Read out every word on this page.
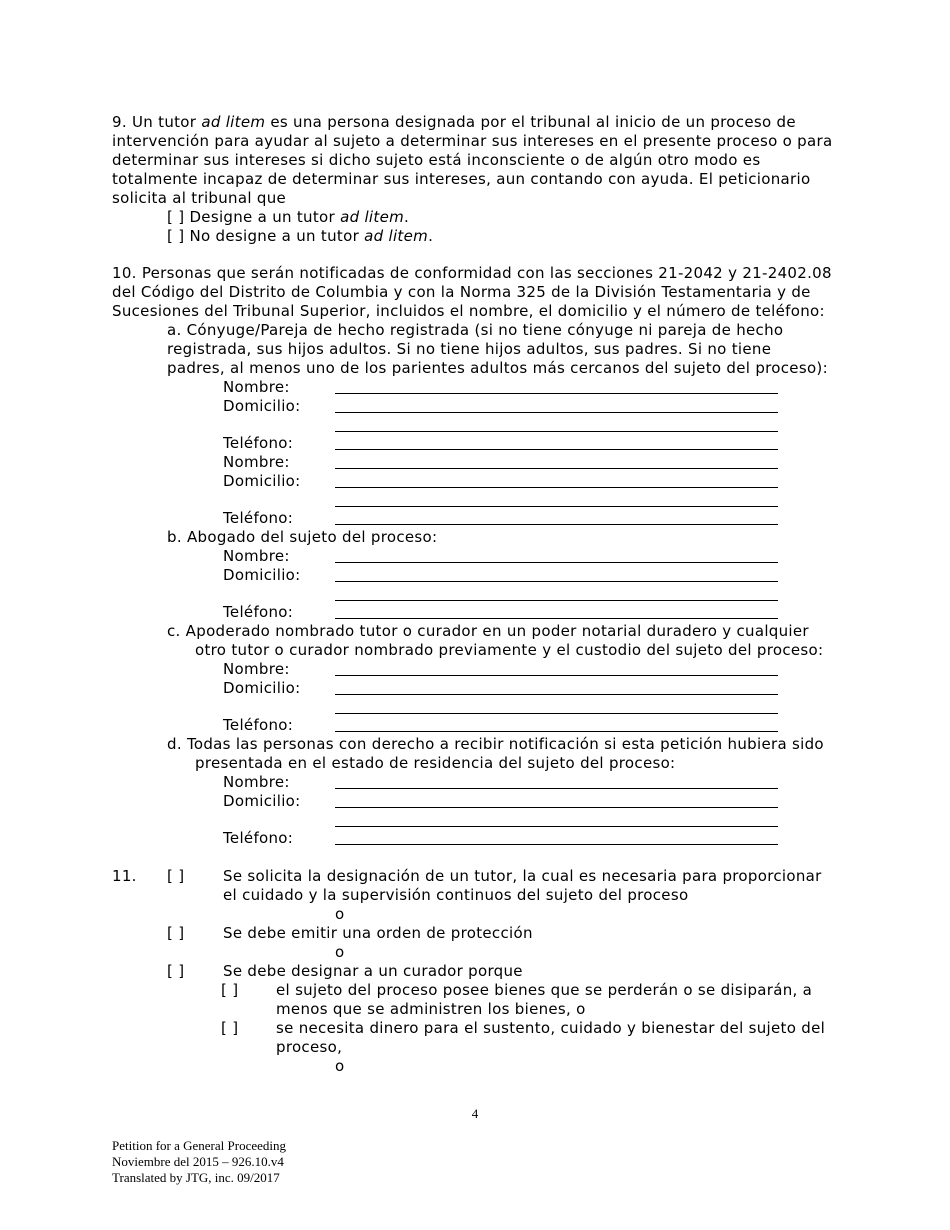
9. Un tutor ad litem es una persona designada por el tribunal al inicio de un proceso de
intervención para ayudar al sujeto a determinar sus intereses en el presente proceso o para
determinar sus intereses si dicho sujeto está inconsciente o de algún otro modo es
totalmente incapaz de determinar sus intereses, aun contando con ayuda. El peticionario
solicita al tribunal que
[ ] Designe a un tutor ad litem.
[ ] No designe a un tutor ad litem.
10. Personas que serán notificadas de conformidad con las secciones 21-2042 y 21-2402.08
del Código del Distrito de Columbia y con la Norma 325 de la División Testamentaria y de
Sucesiones del Tribunal Superior, incluidos el nombre, el domicilio y el número de teléfono:
a. Cónyuge/Pareja de hecho registrada (si no tiene cónyuge ni pareja de hecho
registrada, sus hijos adultos. Si no tiene hijos adultos, sus padres. Si no tiene
padres, al menos uno de los parientes adultos más cercanos del sujeto del proceso):
Nombre:
Domicilio:
Teléfono:
Nombre:
Domicilio:
Teléfono:
b. Abogado del sujeto del proceso:
Nombre:
Domicilio:
Teléfono:
c. Apoderado nombrado tutor o curador en un poder notarial duradero y cualquier
otro tutor o curador nombrado previamente y el custodio del sujeto del proceso:
Nombre:
Domicilio:
Teléfono:
d. Todas las personas con derecho a recibir notificación si esta petición hubiera sido
presentada en el estado de residencia del sujeto del proceso:
Nombre:
Domicilio:
Teléfono:
11. [ ]	Se solicita la designación de un tutor, la cual es necesaria para proporcionar
el cuidado y la supervisión continuos del sujeto del proceso
o
[ ]	Se debe emitir una orden de protección
o
[ ]	Se debe designar a un curador porque
[ ]	el sujeto del proceso posee bienes que se perderán o se disiparán, a
menos que se administren los bienes, o
[ ]	se necesita dinero para el sustento, cuidado y bienestar del sujeto del
proceso,
o
4
Petition for a General Proceeding
Noviembre del 2015 – 926.10.v4
Translated by JTG, inc. 09/2017
